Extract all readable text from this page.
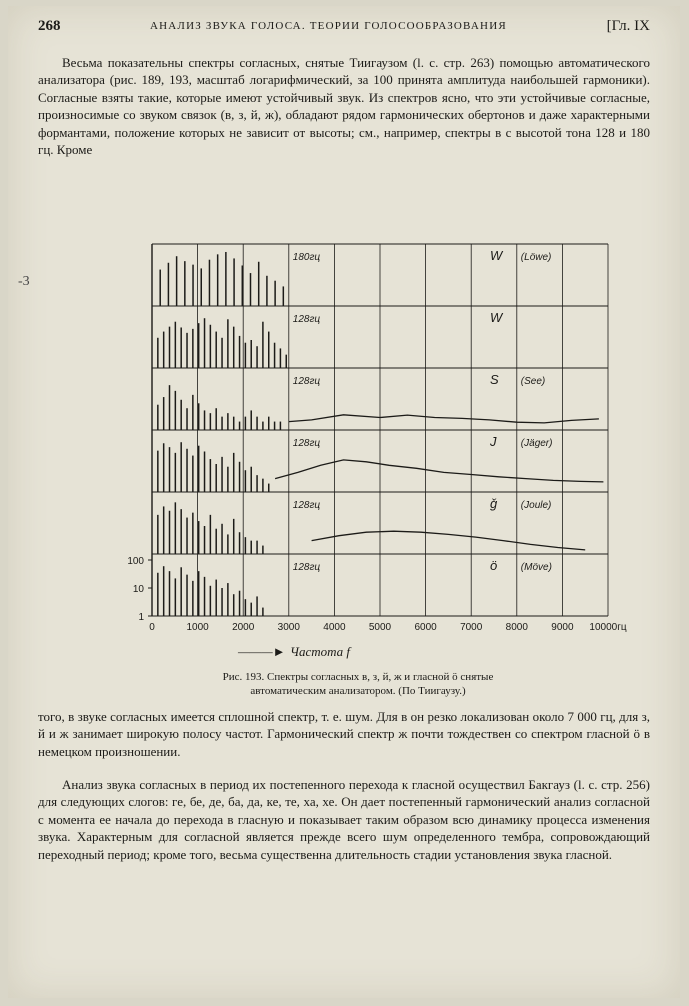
268	АНАЛИЗ ЗВУКА ГОЛОСА. ТЕОРИИ ГОЛОСООБРАЗОВАНИЯ	[Гл. IX

Весьма показательны спектры согласных, снятые Тиигаузом (l. c. стр. 263) помощью автоматического анализатора (рис. 189, 193, масштаб логарифмический, за 100 принята амплитуда наибольшей гармоники). Согласные взяты такие, которые имеют устойчивый звук. Из спектров ясно, что эти устойчивые согласные, произносимые со звуком связок (в, з, й, ж), обладают рядом гармонических обертонов и даже характерными формантами, положение которых не зависит от высоты; см., например, спектры в с высотой тона 128 и 180 гц. Кроме

-3
180гц	W (Löwe)
128гц	W
128гц	S (See)
128гц	J (Jäger)
128гц	ǧ (Joule)
128гц	ö (Möve)
100
10
1
0	1000 2000 3000 4000 5000 6000 7000 8000 9000 10000гц
———► Частота f
Рис. 193. Спектры согласных в, з, й, ж и гласной ö снятые
автоматическим анализатором. (По Тиигаузу.)

того, в звуке согласных имеется сплошной спектр, т. е. шум. Для в он резко локализован около 7 000 гц, для з, й и ж занимает широкую полосу частот. Гармонический спектр ж почти тождествен со спектром гласной ö в немецком произношении.

Анализ звука согласных в период их постепенного перехода к гласной осуществил Бакгауз (l. c. стр. 256) для следующих слогов: ге, бе, де, ба, да, ке, те, ха, хе. Он дает постепенный гармонический анализ согласной с момента ее начала до перехода в гласную и показывает таким образом всю динамику процесса изменения звука. Характерным для согласной является прежде всего шум определенного тембра, сопровождающий переходный период; кроме того, весьма существенна длительность стадии установления звука гласной.
